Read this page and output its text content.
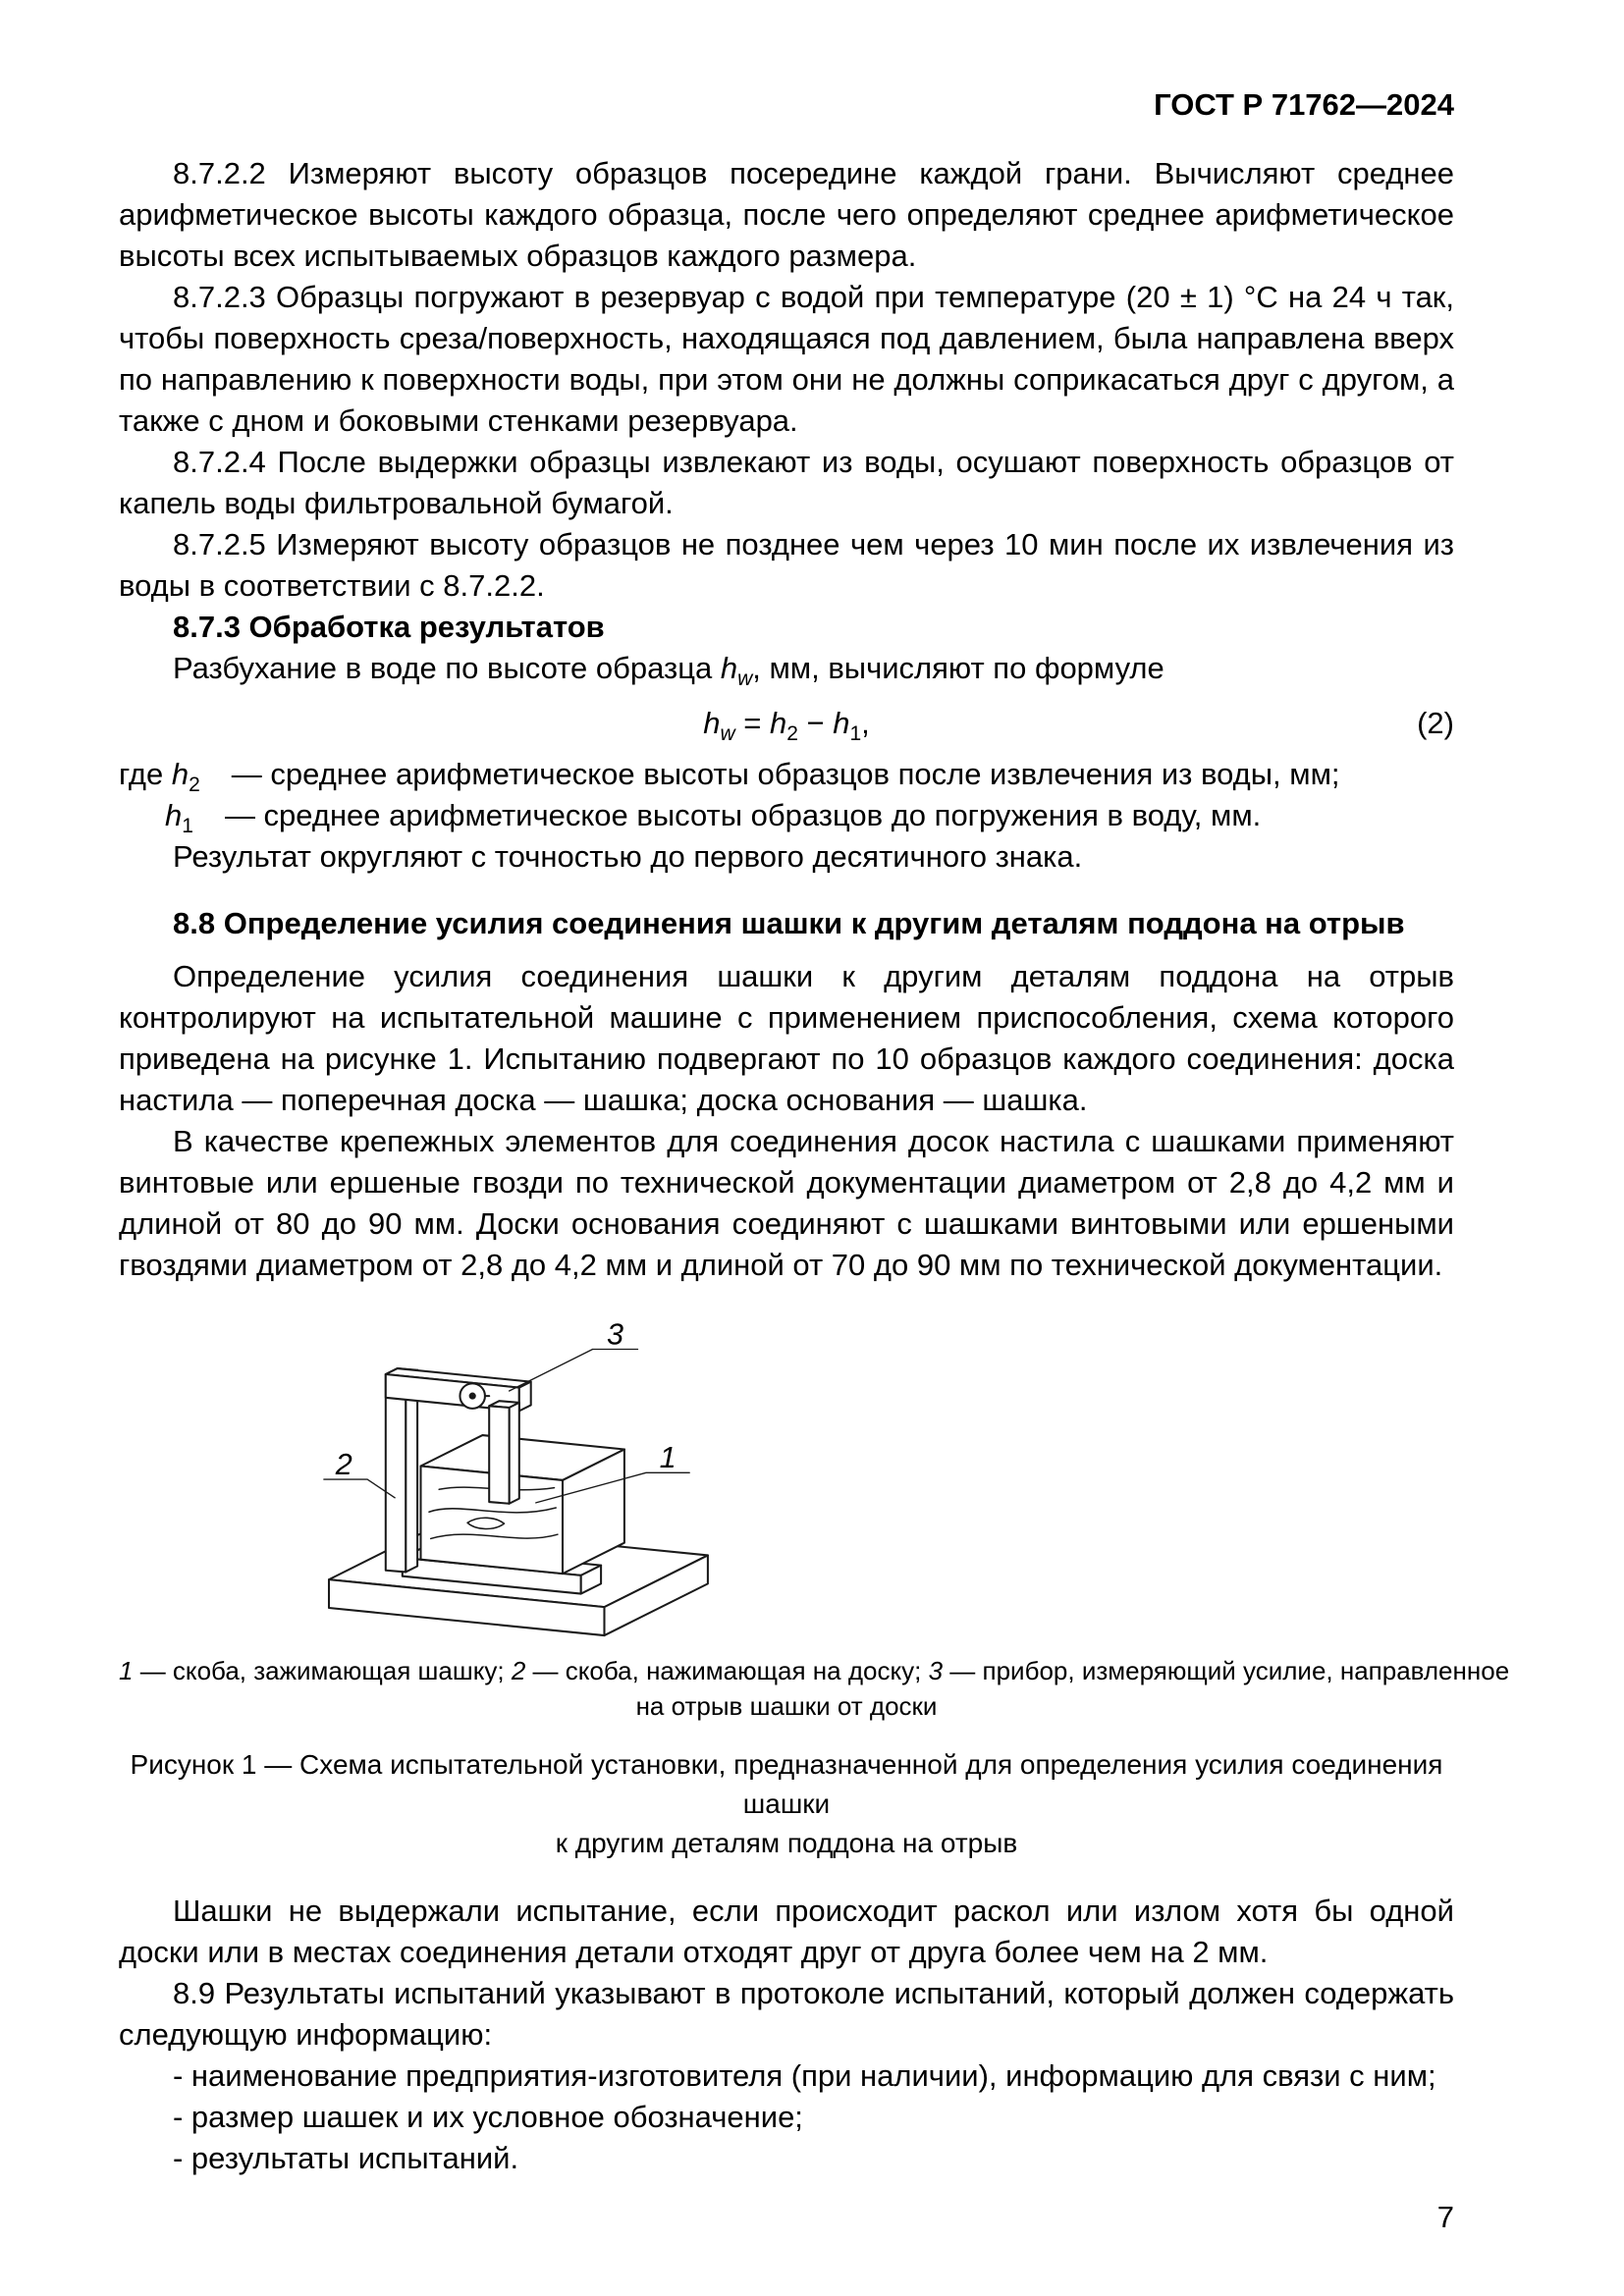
ГОСТ Р 71762—2024

8.7.2.2 Измеряют высоту образцов посередине каждой грани. Вычисляют среднее арифметическое высоты каждого образца, после чего определяют среднее арифметическое высоты всех испытываемых образцов каждого размера.

8.7.2.3 Образцы погружают в резервуар с водой при температуре (20 ± 1) °С на 24 ч так, чтобы поверхность среза/поверхность, находящаяся под давлением, была направлена вверх по направлению к поверхности воды, при этом они не должны соприкасаться друг с другом, а также с дном и боковыми стенками резервуара.

8.7.2.4 После выдержки образцы извлекают из воды, осушают поверхность образцов от капель воды фильтровальной бумагой.

8.7.2.5 Измеряют высоту образцов не позднее чем через 10 мин после их извлечения из воды в соответствии с 8.7.2.2.

8.7.3 Обработка результатов

Разбухание в воде по высоте образца $h_w$, мм, вычисляют по формуле

$h_w = h_2 - h_1$,	(2)

где $h_2$ — среднее арифметическое высоты образцов после извлечения из воды, мм;

$h_1$ — среднее арифметическое высоты образцов до погружения в воду, мм.

Результат округляют с точностью до первого десятичного знака.

8.8 Определение усилия соединения шашки к другим деталям поддона на отрыв

Определение усилия соединения шашки к другим деталям поддона на отрыв контролируют на испытательной машине с применением приспособления, схема которого приведена на рисунке 1. Испытанию подвергают по 10 образцов каждого соединения: доска настила — поперечная доска — шашка; доска основания — шашка.

В качестве крепежных элементов для соединения досок настила с шашками применяют винтовые или ершеные гвозди по технической документации диаметром от 2,8 до 4,2 мм и длиной от 80 до 90 мм. Доски основания соединяют с шашками винтовыми или ершеными гвоздями диаметром от 2,8 до 4,2 мм и длиной от 70 до 90 мм по технической документации.

3
2	1
1 — скоба, зажимающая шашку; 2 — скоба, нажимающая на доску; 3 — прибор, измеряющий усилие, направленное
на отрыв шашки от доски
Рисунок 1 — Схема испытательной установки, предназначенной для определения усилия соединения шашки
к другим деталям поддона на отрыв

Шашки не выдержали испытание, если происходит раскол или излом хотя бы одной доски или в местах соединения детали отходят друг от друга более чем на 2 мм.

8.9 Результаты испытаний указывают в протоколе испытаний, который должен содержать следующую информацию:

- наименование предприятия-изготовителя (при наличии), информацию для связи с ним;

- размер шашек и их условное обозначение;

- результаты испытаний.

7
